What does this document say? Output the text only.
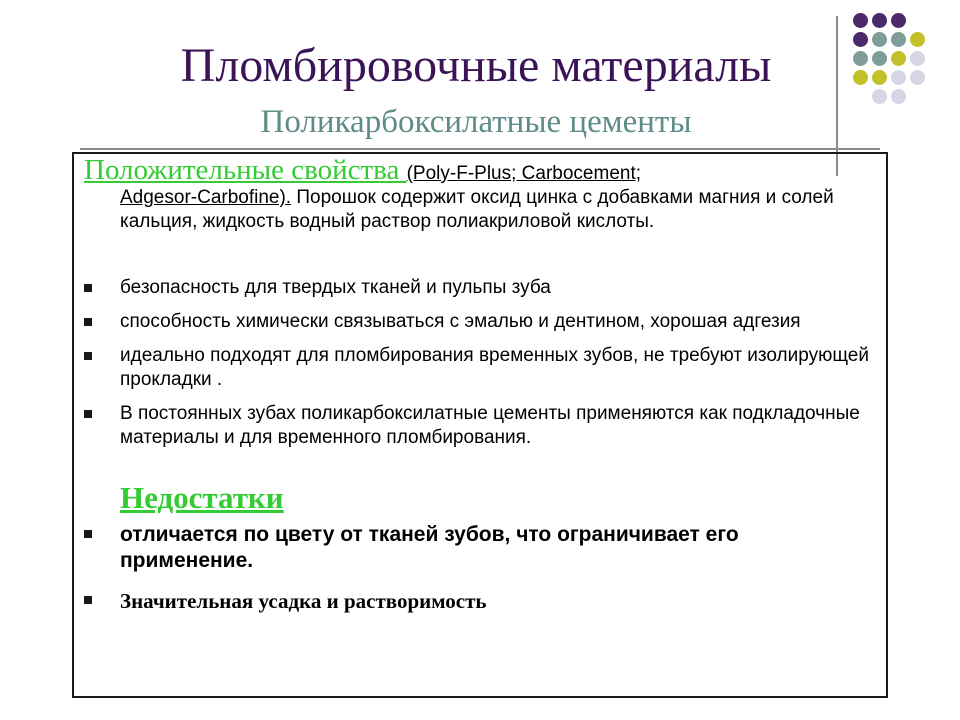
Пломбировочные материалы
Поликарбоксилатные цементы
Положительные свойства (Poly-F-Plus; Carbocement;
Adgesor-Carbofine). Порошок содержит оксид цинка с добавками магния и солей кальция, жидкость водный раствор полиакриловой кислоты.
безопасность для твердых тканей и пульпы зуба
способность химически связываться с эмалью и дентином, хорошая адгезия
идеально подходят для пломбирования временных зубов, не требуют изолирующей прокладки .
В постоянных зубах поликарбоксилатные цементы применяются как подкладочные материалы и для временного пломбирования.
Недостатки
отличается по цвету от тканей зубов, что ограничивает его применение.
Значительная усадка и растворимость
